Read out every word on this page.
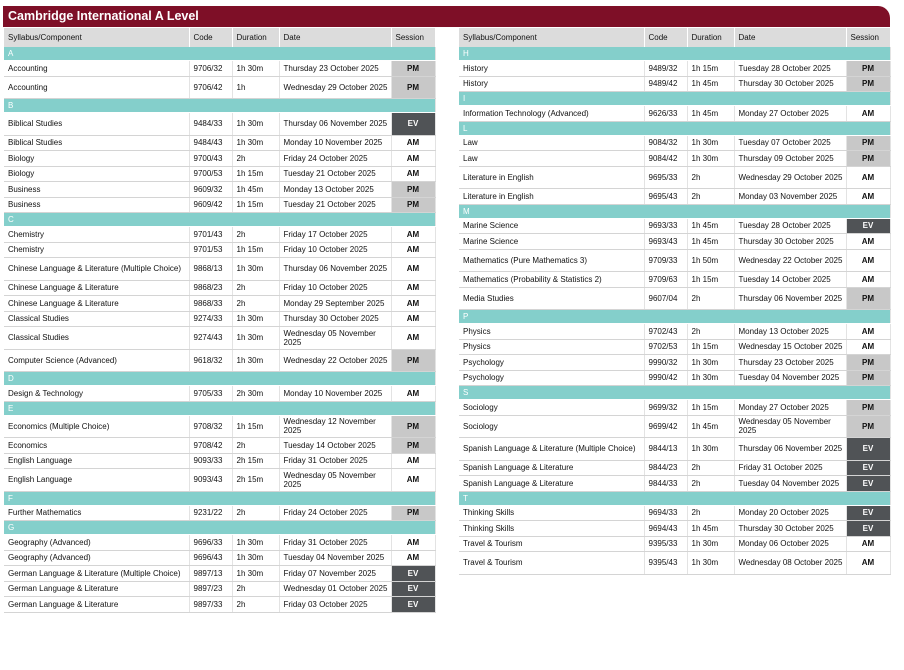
Cambridge International A Level
Syllabus/Component	Code	Duration	Date	Session
A				
Accounting	9706/32	1h 30m	Thursday 23 October 2025	PM
Accounting	9706/42	1h	Wednesday 29 October 2025	PM
B				
Biblical Studies	9484/33	1h 30m	Thursday 06 November 2025	EV
Biblical Studies	9484/43	1h 30m	Monday 10 November 2025	AM
Biology	9700/43	2h	Friday 24 October 2025	AM
Biology	9700/53	1h 15m	Tuesday 21 October 2025	AM
Business	9609/32	1h 45m	Monday 13 October 2025	PM
Business	9609/42	1h 15m	Tuesday 21 October 2025	PM
C				
Chemistry	9701/43	2h	Friday 17 October 2025	AM
Chemistry	9701/53	1h 15m	Friday 10 October 2025	AM
Chinese Language & Literature (Multiple Choice)	9868/13	1h 30m	Thursday 06 November 2025	AM
Chinese Language & Literature	9868/23	2h	Friday 10 October 2025	AM
Chinese Language & Literature	9868/33	2h	Monday 29 September 2025	AM
Classical Studies	9274/33	1h 30m	Thursday 30 October 2025	AM
Classical Studies	9274/43	1h 30m	Wednesday 05 November 2025	AM
Computer Science (Advanced)	9618/32	1h 30m	Wednesday 22 October 2025	PM
D				
Design & Technology	9705/33	2h 30m	Monday 10 November 2025	AM
E				
Economics (Multiple Choice)	9708/32	1h 15m	Wednesday 12 November 2025	PM
Economics	9708/42	2h	Tuesday 14 October 2025	PM
English Language	9093/33	2h 15m	Friday 31 October 2025	AM
English Language	9093/43	2h 15m	Wednesday 05 November 2025	AM
F				
Further Mathematics	9231/22	2h	Friday 24 October 2025	PM
G				
Geography (Advanced)	9696/33	1h 30m	Friday 31 October 2025	AM
Geography (Advanced)	9696/43	1h 30m	Tuesday 04 November 2025	AM
German Language & Literature (Multiple Choice)	9897/13	1h 30m	Friday 07 November 2025	EV
German Language & Literature	9897/23	2h	Wednesday 01 October 2025	EV
German Language & Literature	9897/33	2h	Friday 03 October 2025	EV
Syllabus/Component	Code	Duration	Date	Session
H				
History	9489/32	1h 15m	Tuesday 28 October 2025	PM
History	9489/42	1h 45m	Thursday 30 October 2025	PM
I				
Information Technology (Advanced)	9626/33	1h 45m	Monday 27 October 2025	AM
L				
Law	9084/32	1h 30m	Tuesday 07 October 2025	PM
Law	9084/42	1h 30m	Thursday 09 October 2025	PM
Literature in English	9695/33	2h	Wednesday 29 October 2025	AM
Literature in English	9695/43	2h	Monday 03 November 2025	AM
M				
Marine Science	9693/33	1h 45m	Tuesday 28 October 2025	EV
Marine Science	9693/43	1h 45m	Thursday 30 October 2025	AM
Mathematics (Pure Mathematics 3)	9709/33	1h 50m	Wednesday 22 October 2025	AM
Mathematics (Probability & Statistics 2)	9709/63	1h 15m	Tuesday 14 October 2025	AM
Media Studies	9607/04	2h	Thursday 06 November 2025	PM
P				
Physics	9702/43	2h	Monday 13 October 2025	AM
Physics	9702/53	1h 15m	Wednesday 15 October 2025	AM
Psychology	9990/32	1h 30m	Thursday 23 October 2025	PM
Psychology	9990/42	1h 30m	Tuesday 04 November 2025	PM
S				
Sociology	9699/32	1h 15m	Monday 27 October 2025	PM
Sociology	9699/42	1h 45m	Wednesday 05 November 2025	PM
Spanish Language & Literature (Multiple Choice)	9844/13	1h 30m	Thursday 06 November 2025	EV
Spanish Language & Literature	9844/23	2h	Friday 31 October 2025	EV
Spanish Language & Literature	9844/33	2h	Tuesday 04 November 2025	EV
T				
Thinking Skills	9694/33	2h	Monday 20 October 2025	EV
Thinking Skills	9694/43	1h 45m	Thursday 30 October 2025	EV
Travel & Tourism	9395/33	1h 30m	Monday 06 October 2025	AM
Travel & Tourism	9395/43	1h 30m	Wednesday 08 October 2025	AM
